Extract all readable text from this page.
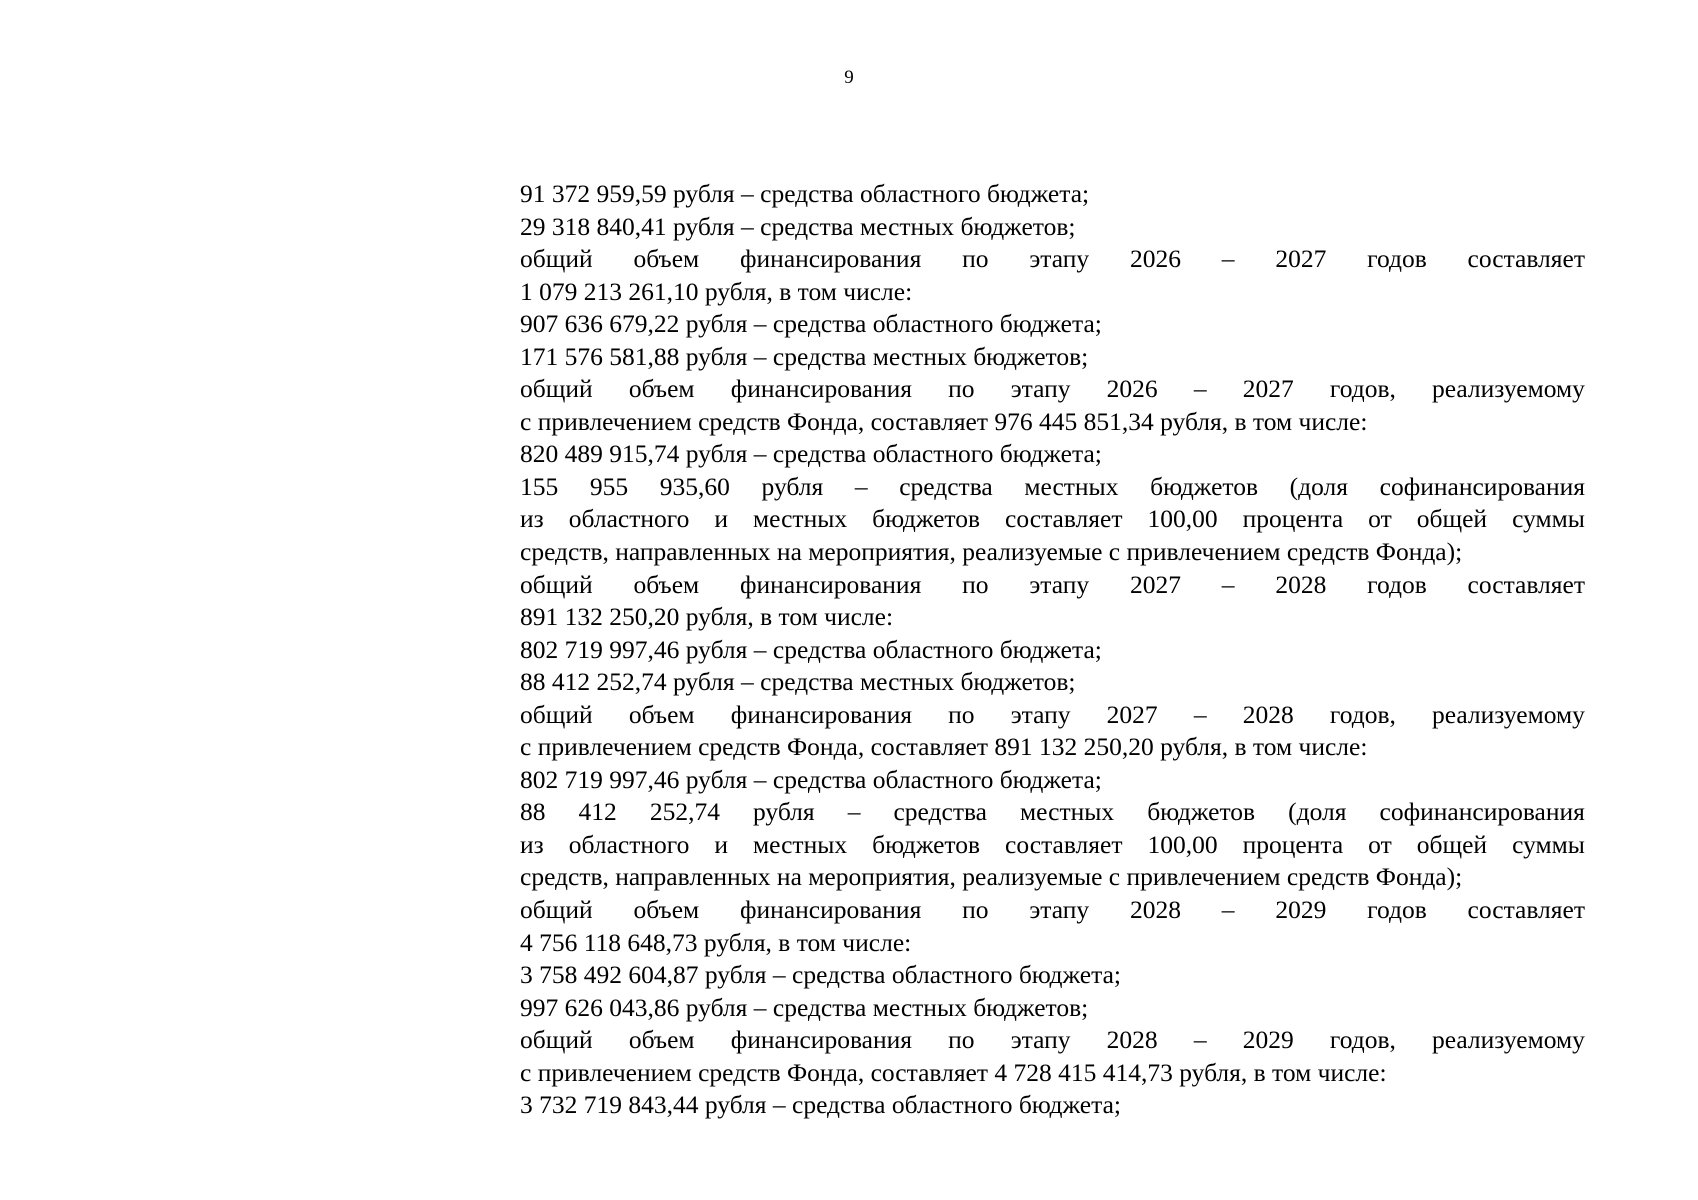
9
91 372 959,59 рубля – средства областного бюджета;
29 318 840,41 рубля – средства местных бюджетов;
общий объем финансирования по этапу 2026 – 2027 годов составляет
1 079 213 261,10 рубля, в том числе:
907 636 679,22 рубля – средства областного бюджета;
171 576 581,88 рубля – средства местных бюджетов;
общий объем финансирования по этапу 2026 – 2027 годов, реализуемому
с привлечением средств Фонда, составляет 976 445 851,34 рубля, в том числе:
820 489 915,74 рубля – средства областного бюджета;
155 955 935,60 рубля – средства местных бюджетов (доля софинансирования
из областного и местных бюджетов составляет 100,00 процента от общей суммы
средств, направленных на мероприятия, реализуемые с привлечением средств Фонда);
общий объем финансирования по этапу 2027 – 2028 годов составляет
891 132 250,20 рубля, в том числе:
802 719 997,46 рубля – средства областного бюджета;
88 412 252,74 рубля – средства местных бюджетов;
общий объем финансирования по этапу 2027 – 2028 годов, реализуемому
с привлечением средств Фонда, составляет 891 132 250,20 рубля, в том числе:
802 719 997,46 рубля – средства областного бюджета;
88 412 252,74 рубля – средства местных бюджетов (доля софинансирования
из областного и местных бюджетов составляет 100,00 процента от общей суммы
средств, направленных на мероприятия, реализуемые с привлечением средств Фонда);
общий объем финансирования по этапу 2028 – 2029 годов составляет
4 756 118 648,73 рубля, в том числе:
3 758 492 604,87 рубля – средства областного бюджета;
997 626 043,86 рубля – средства местных бюджетов;
общий объем финансирования по этапу 2028 – 2029 годов, реализуемому
с привлечением средств Фонда, составляет 4 728 415 414,73 рубля, в том числе:
3 732 719 843,44 рубля – средства областного бюджета;
